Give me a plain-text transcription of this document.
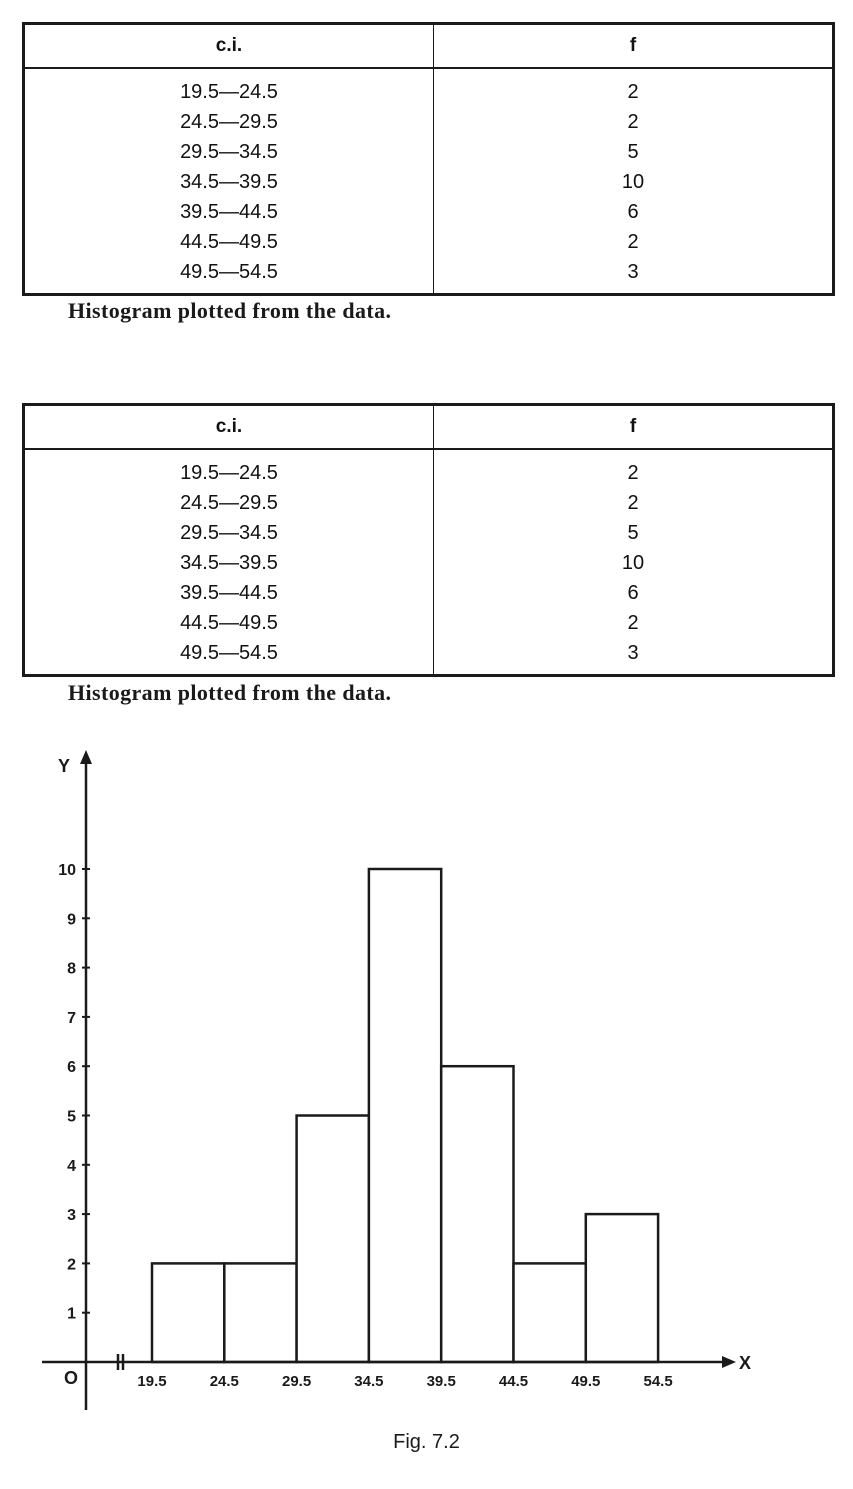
c.i.	f
19.5—24.5	2
24.5—29.5	2
29.5—34.5	5
34.5—39.5	10
39.5—44.5	6
44.5—49.5	2
49.5—54.5	3
Histogram plotted from the data.
c.i.	f
19.5—24.5	2
24.5—29.5	2
29.5—34.5	5
34.5—39.5	10
39.5—44.5	6
44.5—49.5	2
49.5—54.5	3
Histogram plotted from the data.
Y
X
O
1
2
3
4
5
6
7
8
9
10
19.5	24.5	29.5	34.5	39.5	44.5	49.5	54.5
Fig. 7.2
